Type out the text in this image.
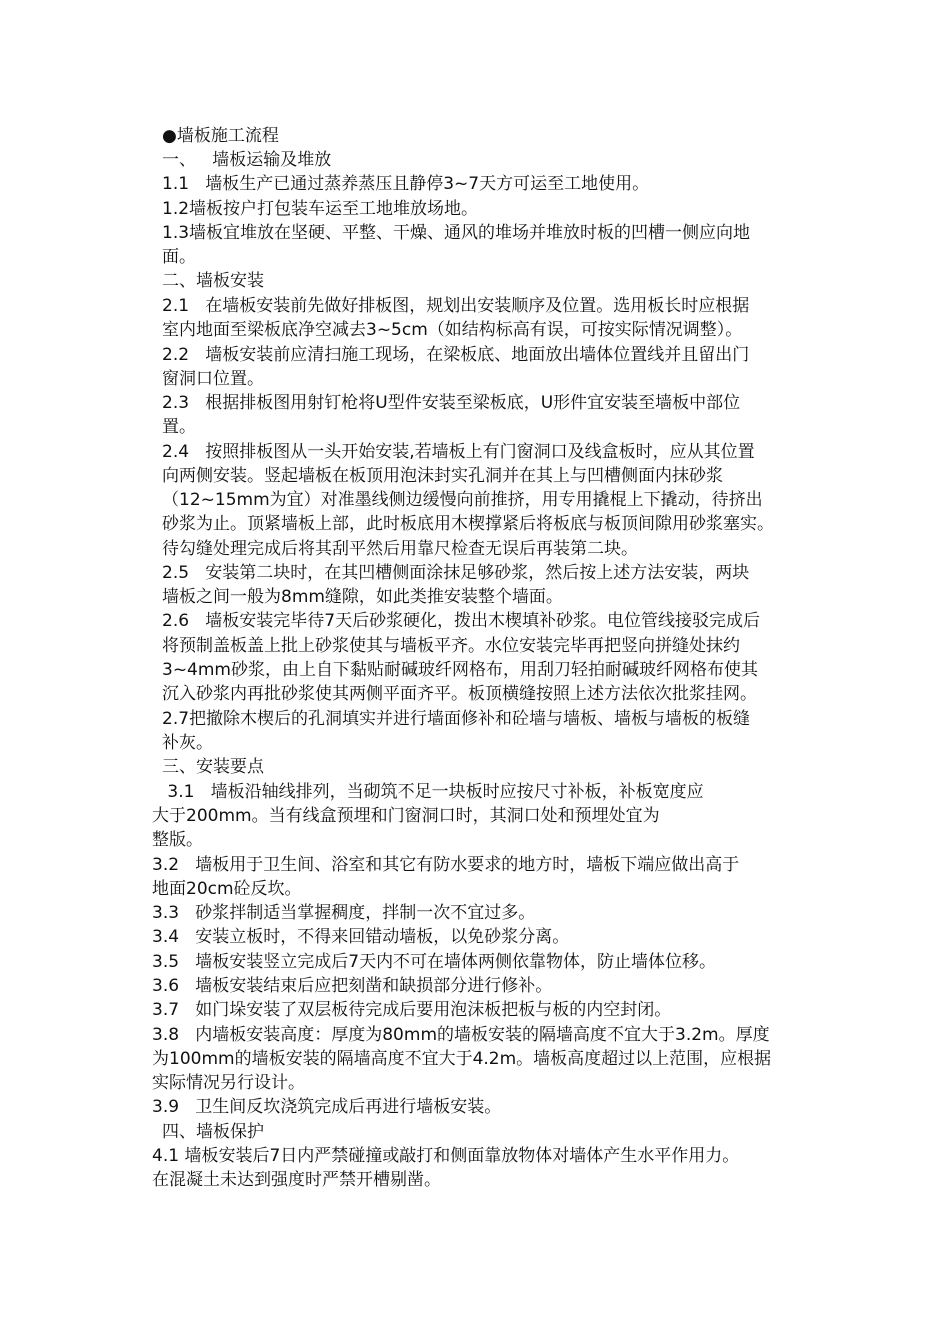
●墙板施工流程
一、   墙板运输及堆放
1.1   墙板生产已通过蒸养蒸压且静停3~7天方可运至工地使用。
1.2墙板按户打包装车运至工地堆放场地。
1.3墙板宜堆放在坚硬、平整、干燥、通风的堆场并堆放时板的凹槽一侧应向地
面。
二、墙板安装
2.1   在墙板安装前先做好排板图，规划出安装顺序及位置。选用板长时应根据
室内地面至梁板底净空减去3~5cm（如结构标高有误，可按实际情况调整）。
2.2   墙板安装前应清扫施工现场，在梁板底、地面放出墙体位置线并且留出门
窗洞口位置。
2.3   根据排板图用射钉枪将U型件安装至梁板底，U形件宜安装至墙板中部位
置。
2.4   按照排板图从一头开始安装,若墙板上有门窗洞口及线盒板时，应从其位置
向两侧安装。竖起墙板在板顶用泡沫封实孔洞并在其上与凹槽侧面内抹砂浆
（12~15mm为宜）对准墨线侧边缓慢向前推挤，用专用撬棍上下撬动，待挤出
砂浆为止。顶紧墙板上部，此时板底用木楔撑紧后将板底与板顶间隙用砂浆塞实。
待勾缝处理完成后将其刮平然后用靠尺检查无误后再装第二块。
2.5   安装第二块时，在其凹槽侧面涂抹足够砂浆，然后按上述方法安装，两块
墙板之间一般为8mm缝隙，如此类推安装整个墙面。
2.6   墙板安装完毕待7天后砂浆硬化，拨出木楔填补砂浆。电位管线接驳完成后
将预制盖板盖上批上砂浆使其与墙板平齐。水位安装完毕再把竖向拼缝处抹约
3~4mm砂浆，由上自下黏贴耐碱玻纤网格布，用刮刀轻拍耐碱玻纤网格布使其
沉入砂浆内再批砂浆使其两侧平面齐平。板顶横缝按照上述方法依次批浆挂网。
2.7把撤除木楔后的孔洞填实并进行墙面修补和砼墙与墙板、墙板与墙板的板缝
补灰。
三、安装要点
3.1   墙板沿轴线排列，当砌筑不足一块板时应按尺寸补板，补板宽度应
大于200mm。当有线盒预埋和门窗洞口时，其洞口处和预埋处宜为
整版。
3.2   墙板用于卫生间、浴室和其它有防水要求的地方时，墙板下端应做出高于
地面20cm砼反坎。
3.3   砂浆拌制适当掌握稠度，拌制一次不宜过多。
3.4   安装立板时，不得来回错动墙板，以免砂浆分离。
3.5   墙板安装竖立完成后7天内不可在墙体两侧依靠物体，防止墙体位移。
3.6   墙板安装结束后应把刻凿和缺损部分进行修补。
3.7   如门垛安装了双层板待完成后要用泡沫板把板与板的内空封闭。
3.8   内墙板安装高度：厚度为80mm的墙板安装的隔墙高度不宜大于3.2m。厚度
为100mm的墙板安装的隔墙高度不宜大于4.2m。墙板高度超过以上范围，应根据
实际情况另行设计。
3.9   卫生间反坎浇筑完成后再进行墙板安装。
四、墙板保护
4.1 墙板安装后7日内严禁碰撞或敲打和侧面靠放物体对墙体产生水平作用力。
在混凝土未达到强度时严禁开槽剔凿。
